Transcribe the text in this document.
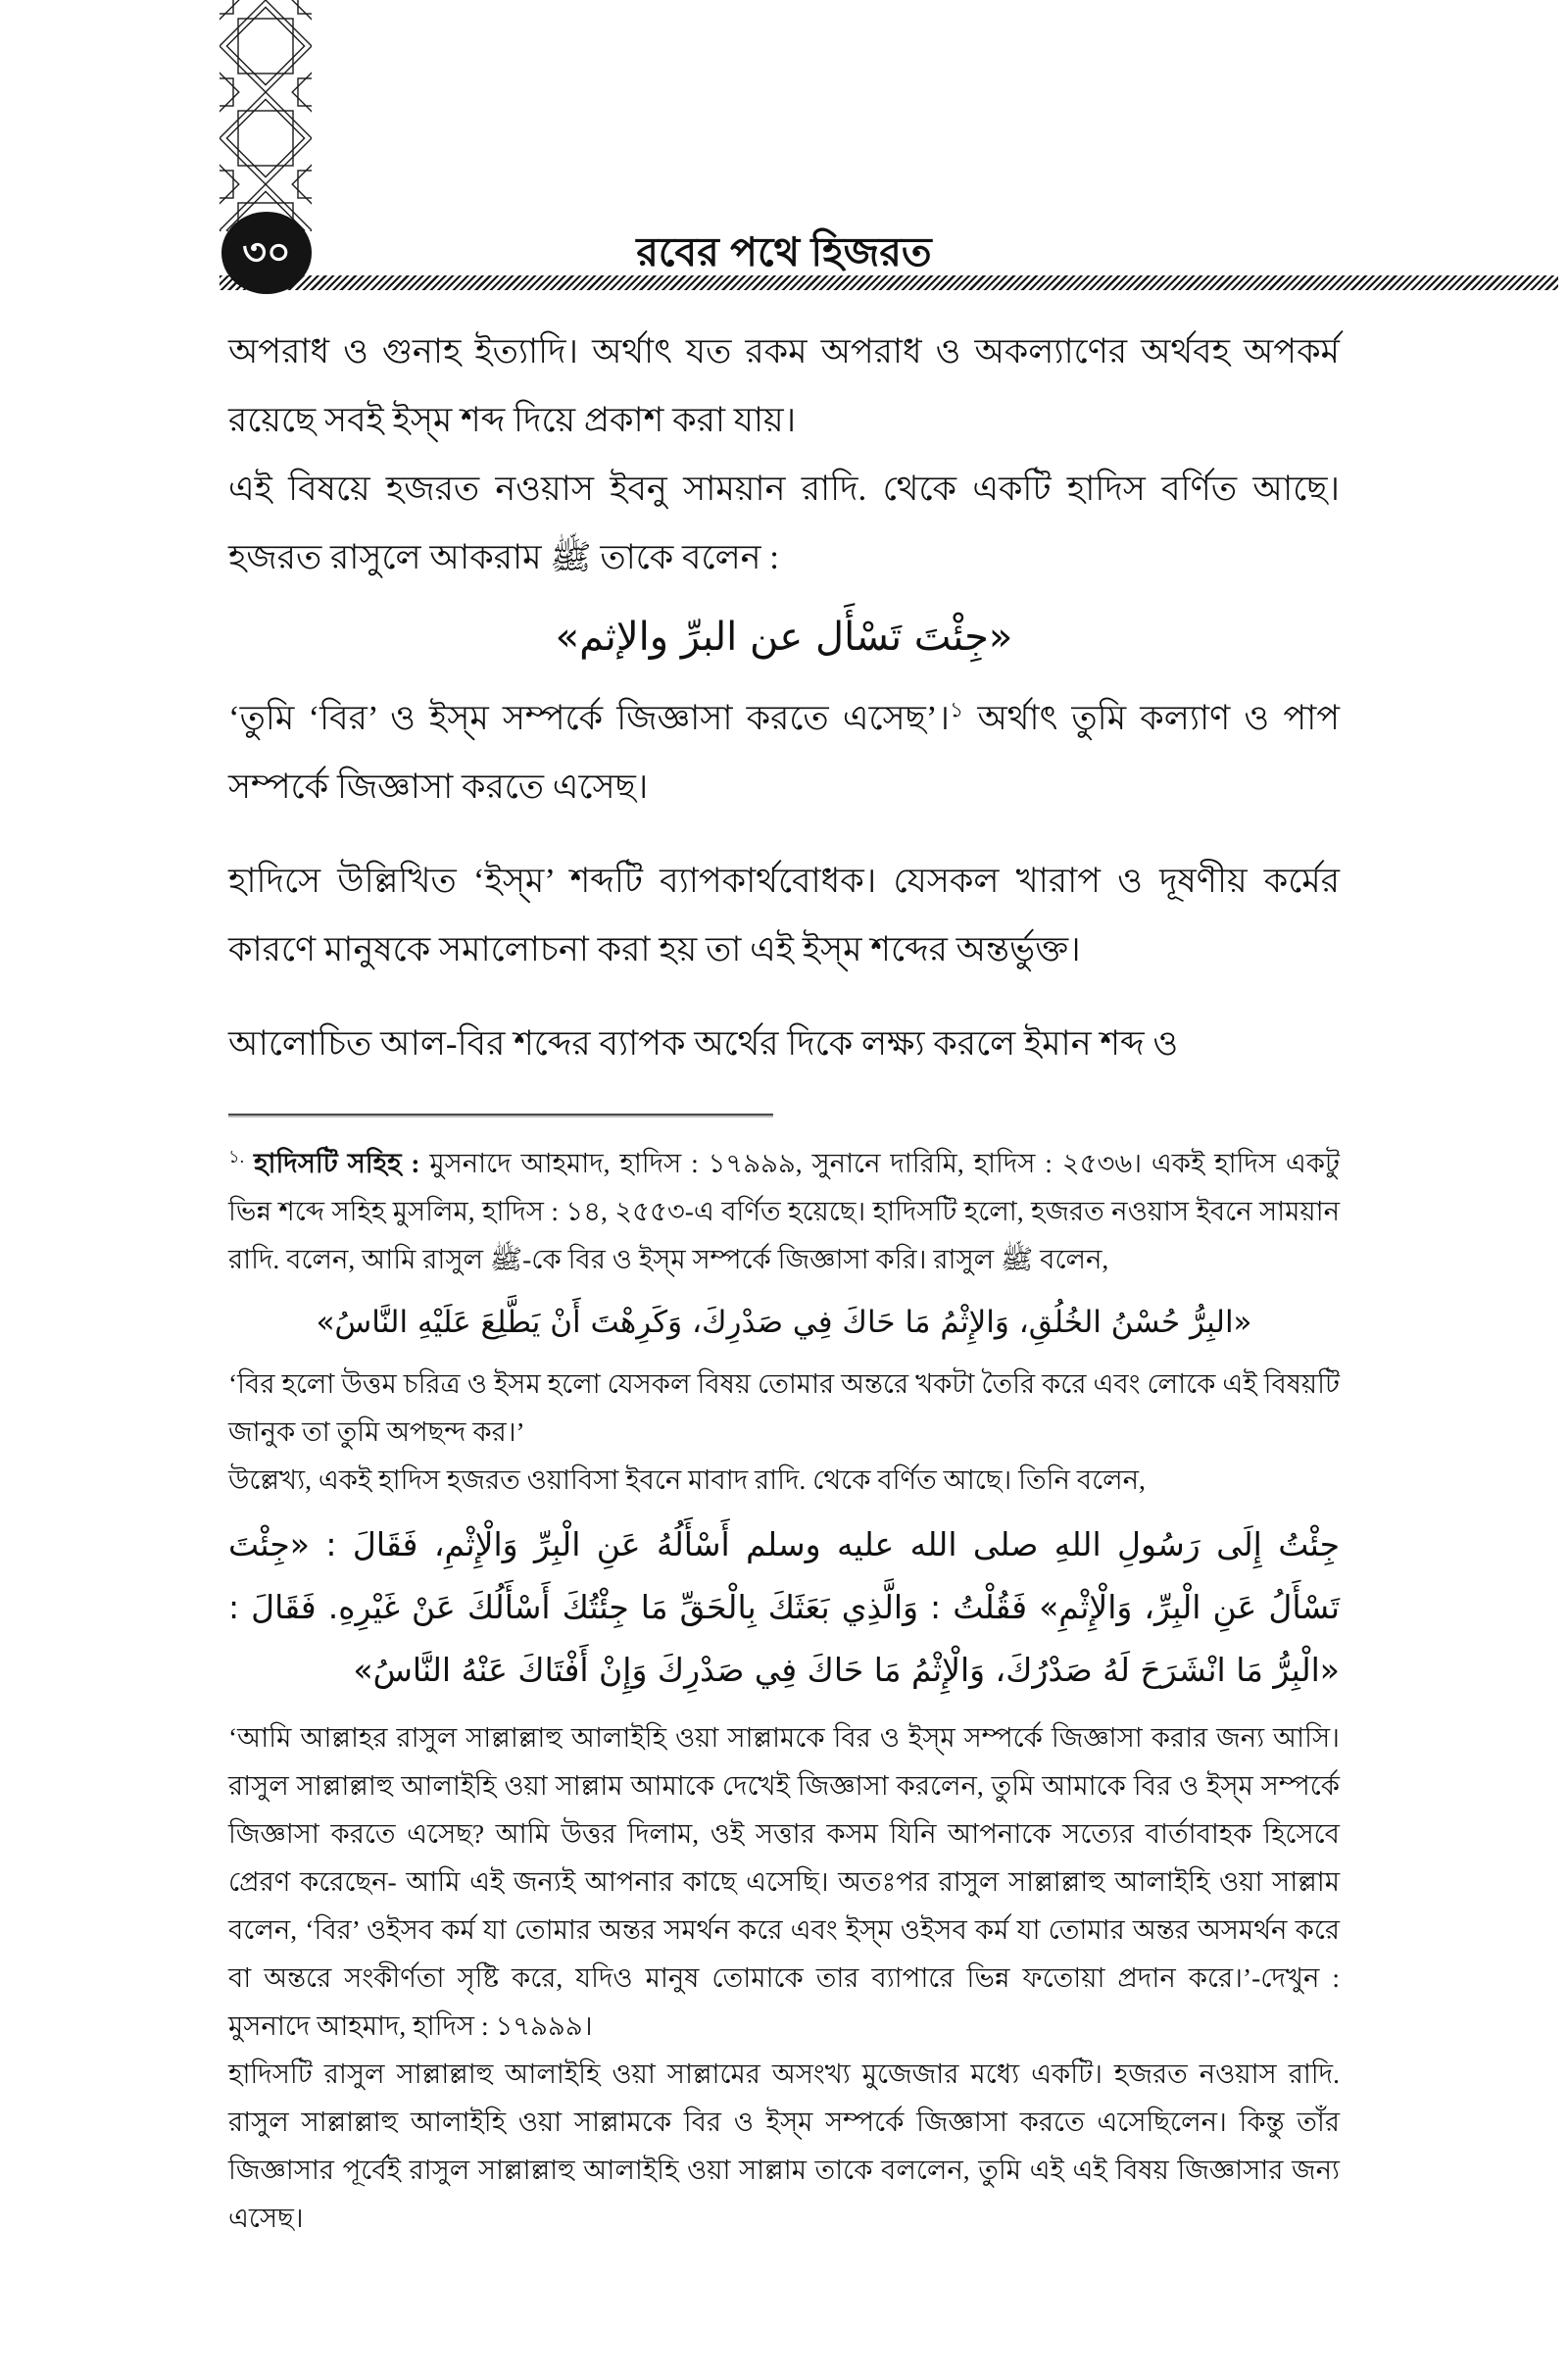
৩০	রবের পথে হিজরত

অপরাধ ও গুনাহ ইত্যাদি। অর্থাৎ যত রকম অপরাধ ও অকল্যাণের অর্থবহ অপকর্ম রয়েছে সবই ইস্‌ম শব্দ দিয়ে প্রকাশ করা যায়।

এই বিষয়ে হজরত নওয়াস ইবনু সাময়ান রাদি. থেকে একটি হাদিস বর্ণিত আছে। হজরত রাসুলে আকরাম ﷺ তাকে বলেন :

«جِئْتَ تَسْأَل عن البرِّ والإثم»

‘তুমি ‘বির’ ও ইস্‌ম সম্পর্কে জিজ্ঞাসা করতে এসেছ’।$^১$ অর্থাৎ তুমি কল্যাণ ও পাপ সম্পর্কে জিজ্ঞাসা করতে এসেছ।

হাদিসে উল্লিখিত ‘ইস্‌ম’ শব্দটি ব্যাপকার্থবোধক। যেসকল খারাপ ও দূষণীয় কর্মের কারণে মানুষকে সমালোচনা করা হয় তা এই ইস্‌ম শব্দের অন্তর্ভুক্ত।

আলোচিত আল-বির শব্দের ব্যাপক অর্থের দিকে লক্ষ্য করলে ইমান শব্দ ও

$^{১.}$ হাদিসটি সহিহ : মুসনাদে আহমাদ, হাদিস : ১৭৯৯৯, সুনানে দারিমি, হাদিস : ২৫৩৬। একই হাদিস একটু ভিন্ন শব্দে সহিহ মুসলিম, হাদিস : ১৪, ২৫৫৩-এ বর্ণিত হয়েছে। হাদিসটি হলো, হজরত নওয়াস ইবনে সাময়ান রাদি. বলেন, আমি রাসুল ﷺ-কে বির ও ইস্‌ম সম্পর্কে জিজ্ঞাসা করি। রাসুল ﷺ বলেন,

«البِرُّ حُسْنُ الخُلُقِ، وَالإِثْمُ مَا حَاكَ فِي صَدْرِكَ، وَكَرِهْتَ أَنْ يَطَّلِعَ عَلَيْهِ النَّاسُ»

‘বির হলো উত্তম চরিত্র ও ইসম হলো যেসকল বিষয় তোমার অন্তরে খকটা তৈরি করে এবং লোকে এই বিষয়টি জানুক তা তুমি অপছন্দ কর।’

উল্লেখ্য, একই হাদিস হজরত ওয়াবিসা ইবনে মাবাদ রাদি. থেকে বর্ণিত আছে। তিনি বলেন,

جِئْتُ إِلَى رَسُولِ اللهِ صلى الله عليه وسلم أَسْأَلُهُ عَنِ الْبِرِّ وَالْإِثْمِ، فَقَالَ : «جِئْتَ تَسْأَلُ عَنِ الْبِرِّ، وَالْإِثْمِ» فَقُلْتُ : وَالَّذِي بَعَثَكَ بِالْحَقِّ مَا جِئْتُكَ أَسْأَلُكَ عَنْ غَيْرِهِ. فَقَالَ : «الْبِرُّ مَا انْشَرَحَ لَهُ صَدْرُكَ، وَالْإِثْمُ مَا حَاكَ فِي صَدْرِكَ وَإِنْ أَفْتَاكَ عَنْهُ النَّاسُ»

‘আমি আল্লাহর রাসুল সাল্লাল্লাহু আলাইহি ওয়া সাল্লামকে বির ও ইস্‌ম সম্পর্কে জিজ্ঞাসা করার জন্য আসি। রাসুল সাল্লাল্লাহু আলাইহি ওয়া সাল্লাম আমাকে দেখেই জিজ্ঞাসা করলেন, তুমি আমাকে বির ও ইস্‌ম সম্পর্কে জিজ্ঞাসা করতে এসেছ? আমি উত্তর দিলাম, ওই সত্তার কসম যিনি আপনাকে সত্যের বার্তাবাহক হিসেবে প্রেরণ করেছেন- আমি এই জন্যই আপনার কাছে এসেছি। অতঃপর রাসুল সাল্লাল্লাহু আলাইহি ওয়া সাল্লাম বলেন, ‘বির’ ওইসব কর্ম যা তোমার অন্তর সমর্থন করে এবং ইস্‌ম ওইসব কর্ম যা তোমার অন্তর অসমর্থন করে বা অন্তরে সংকীর্ণতা সৃষ্টি করে, যদিও মানুষ তোমাকে তার ব্যাপারে ভিন্ন ফতোয়া প্রদান করে।’-দেখুন : মুসনাদে আহমাদ, হাদিস : ১৭৯৯৯।

হাদিসটি রাসুল সাল্লাল্লাহু আলাইহি ওয়া সাল্লামের অসংখ্য মুজেজার মধ্যে একটি। হজরত নওয়াস রাদি. রাসুল সাল্লাল্লাহু আলাইহি ওয়া সাল্লামকে বির ও ইস্‌ম সম্পর্কে জিজ্ঞাসা করতে এসেছিলেন। কিন্তু তাঁর জিজ্ঞাসার পূর্বেই রাসুল সাল্লাল্লাহু আলাইহি ওয়া সাল্লাম তাকে বললেন, তুমি এই এই বিষয় জিজ্ঞাসার জন্য এসেছ।
